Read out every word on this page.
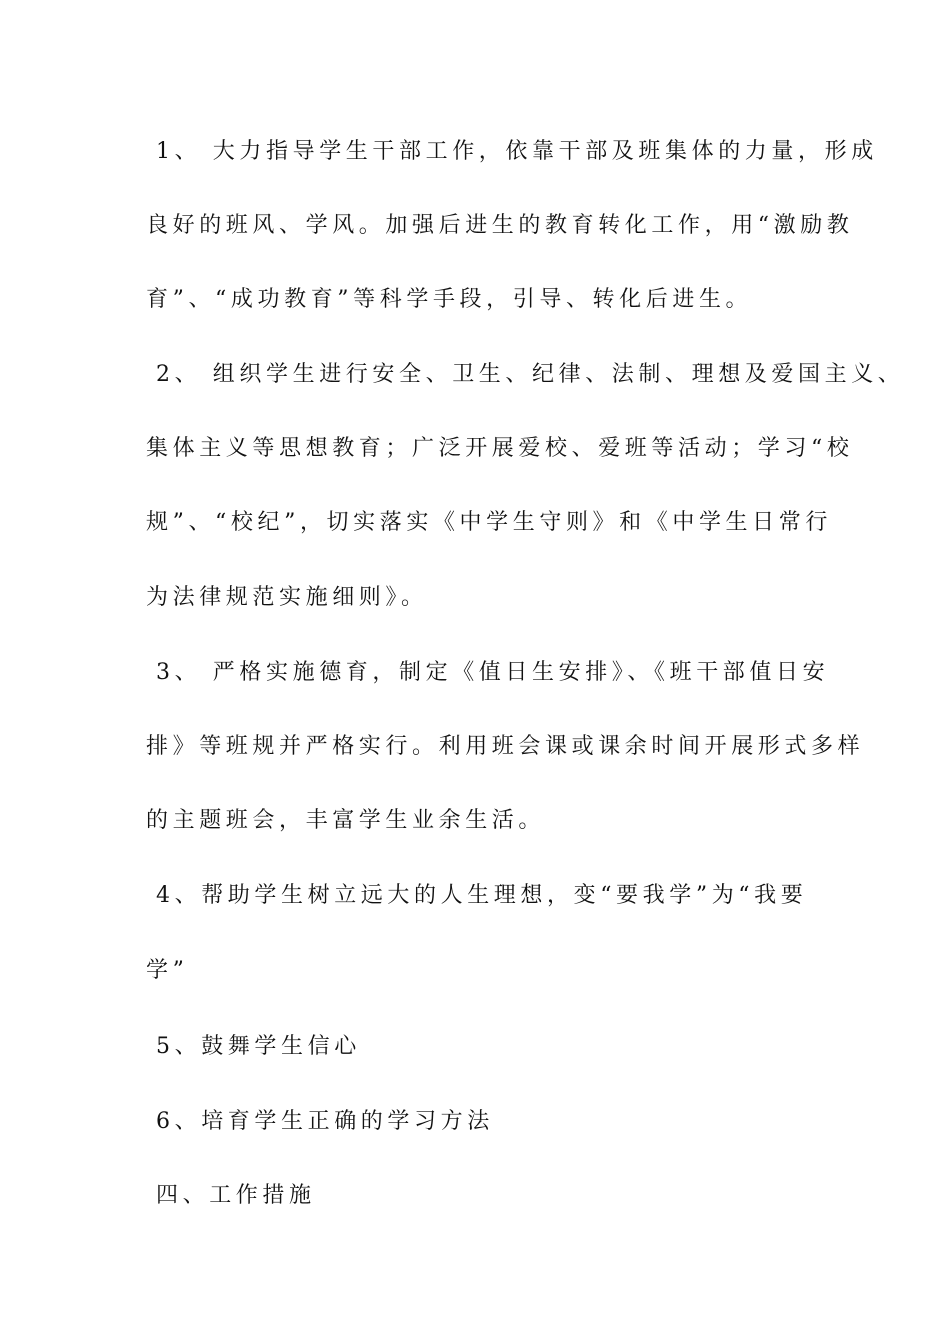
1、 大力指导学生干部工作，依靠干部及班集体的力量，形成
良好的班风、学风。加强后进生的教育转化工作，用“激励教
育”、“成功教育”等科学手段，引导、转化后进生。
2、 组织学生进行安全、卫生、纪律、法制、理想及爱国主义、
集体主义等思想教育；广泛开展爱校、爱班等活动；学习“校
规”、“校纪”，切实落实《中学生守则》和《中学生日常行
为法律规范实施细则》。
3、 严格实施德育，制定《值日生安排》、《班干部值日安
排》等班规并严格实行。利用班会课或课余时间开展形式多样
的主题班会，丰富学生业余生活。
4、帮助学生树立远大的人生理想，变“要我学”为“我要
学”
5、鼓舞学生信心
6、培育学生正确的学习方法
四、工作措施
